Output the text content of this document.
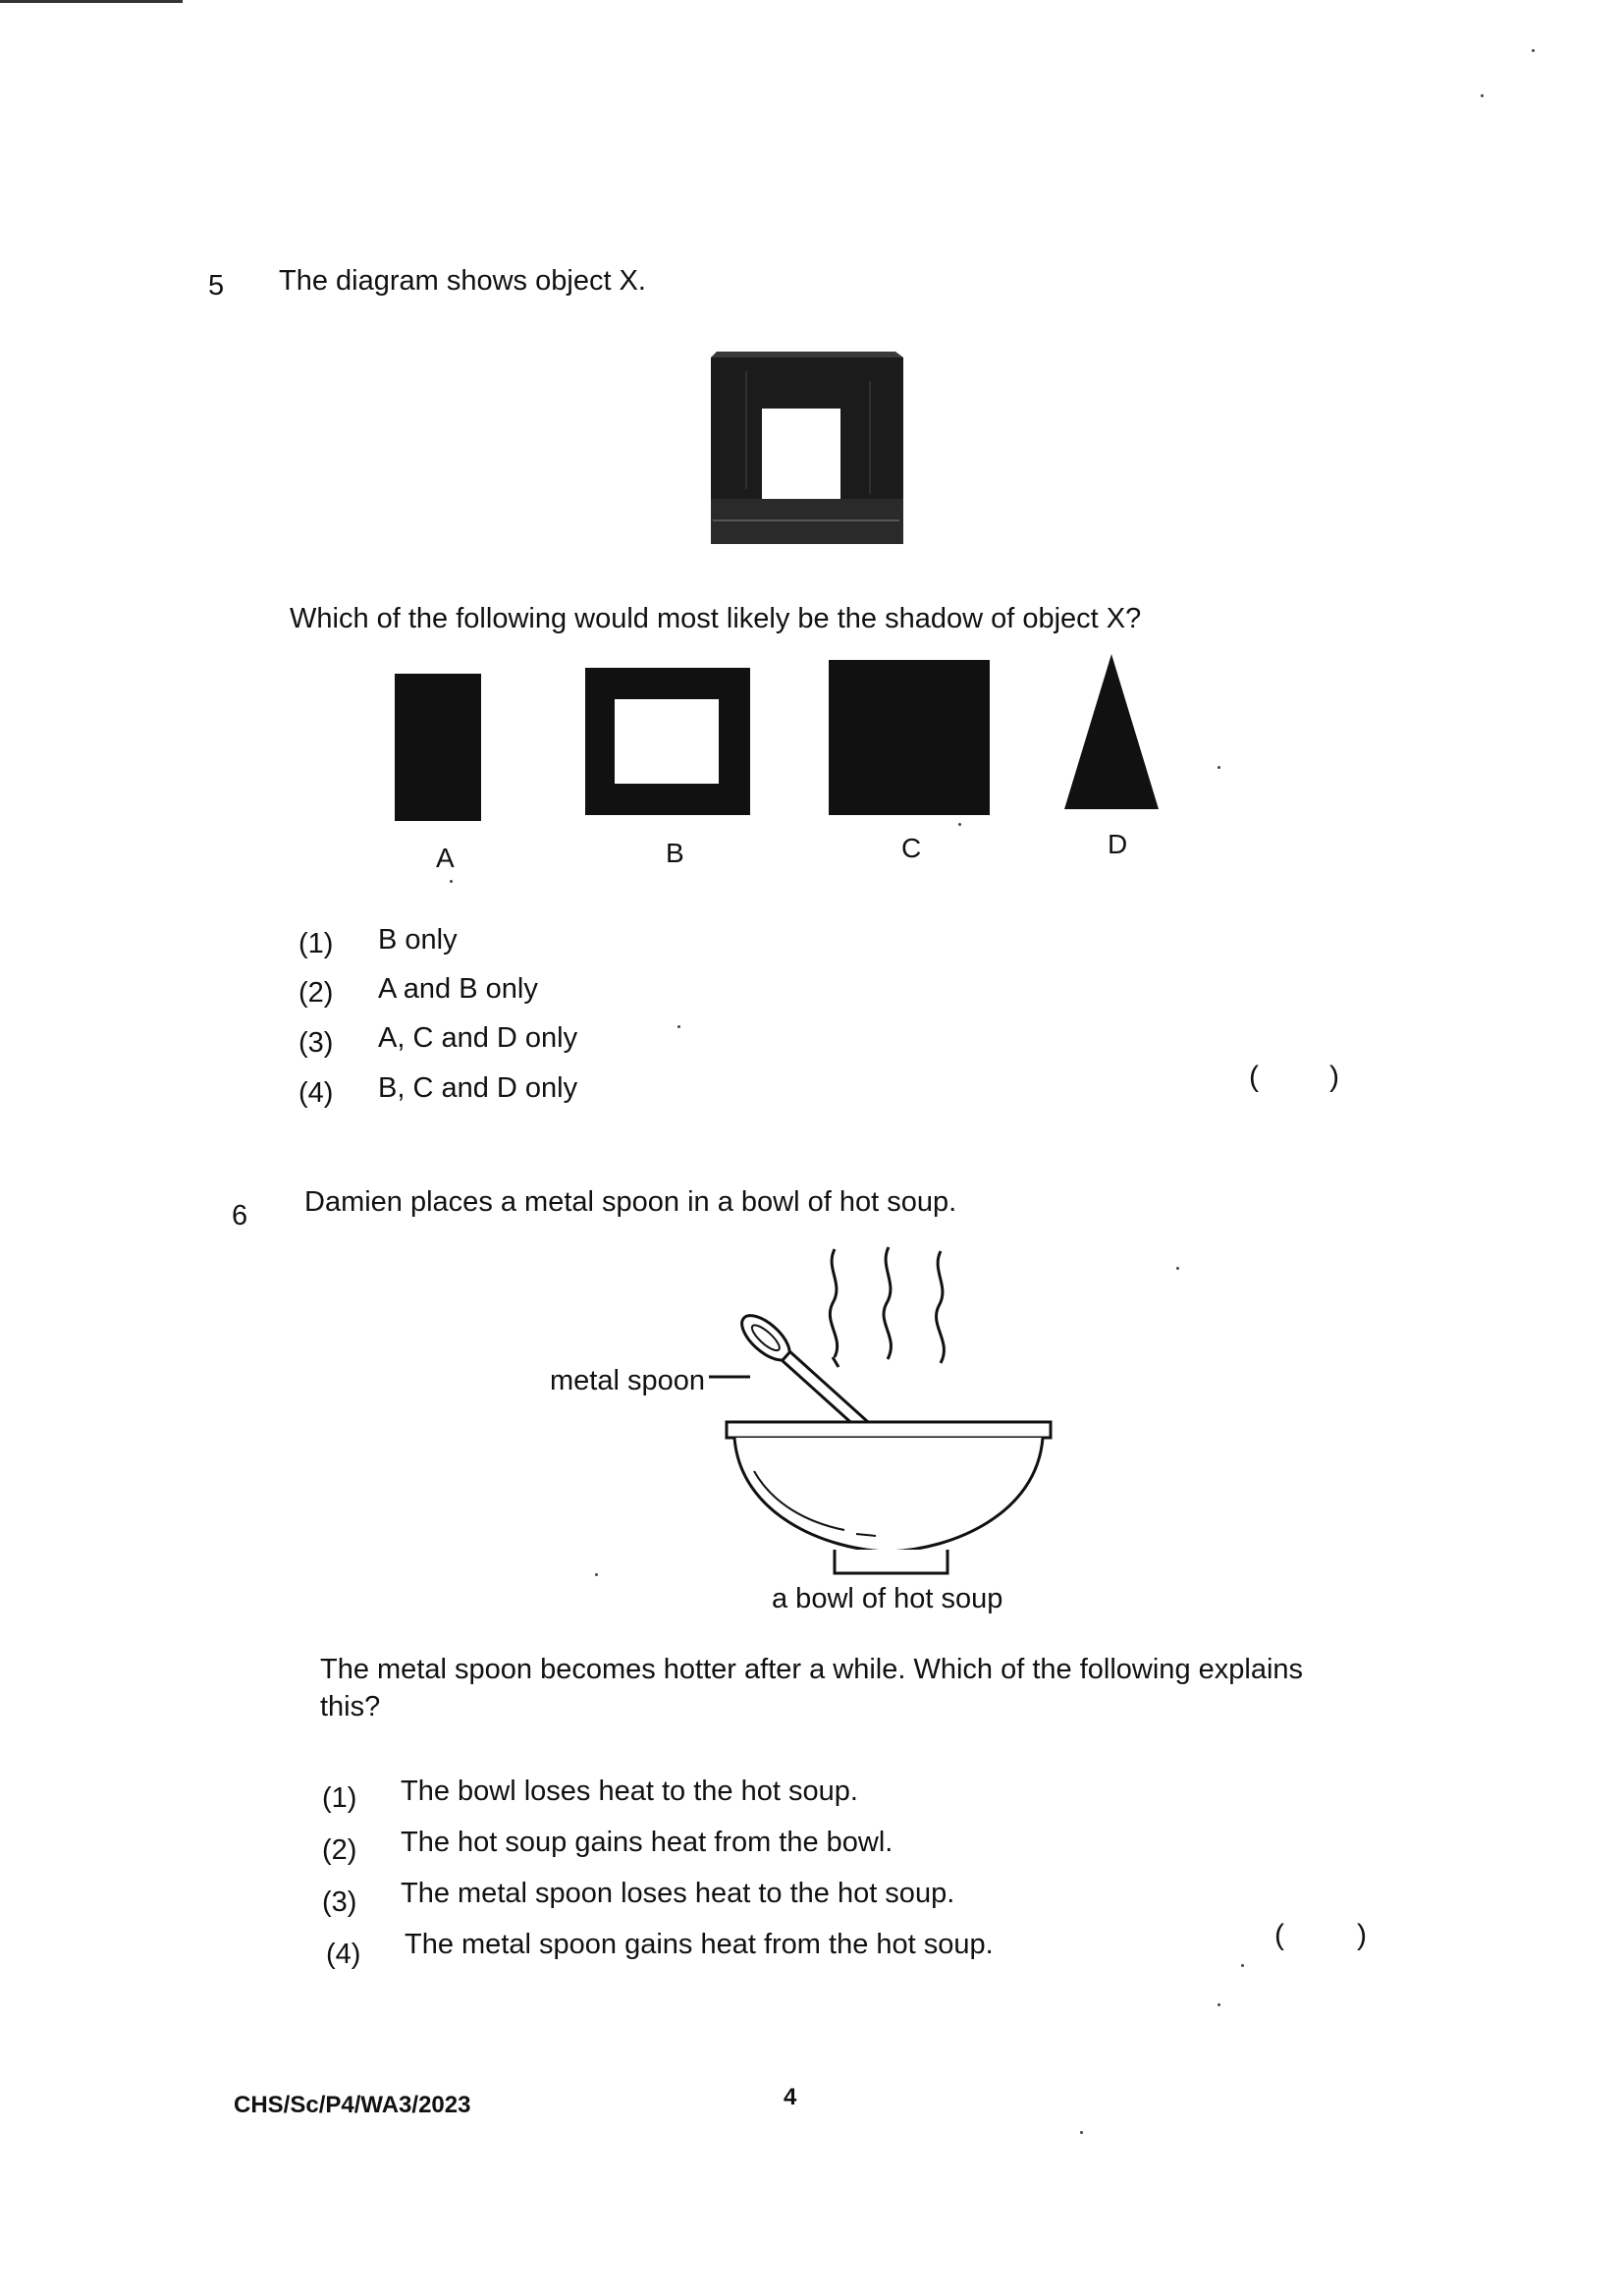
5 The diagram shows object X.
Which of the following would most likely be the shadow of object X?
A	B	C	D
(1) B only
(2) A and B only
(3) A, C and D only
(4) B, C and D only	( )
6 Damien places a metal spoon in a bowl of hot soup.
metal spoon
a bowl of hot soup
The metal spoon becomes hotter after a while. Which of the following explains
this?
(1) The bowl loses heat to the hot soup.
(2) The hot soup gains heat from the bowl.
(3) The metal spoon loses heat to the hot soup.
(4) The metal spoon gains heat from the hot soup.	( )
CHS/Sc/P4/WA3/2023	4
